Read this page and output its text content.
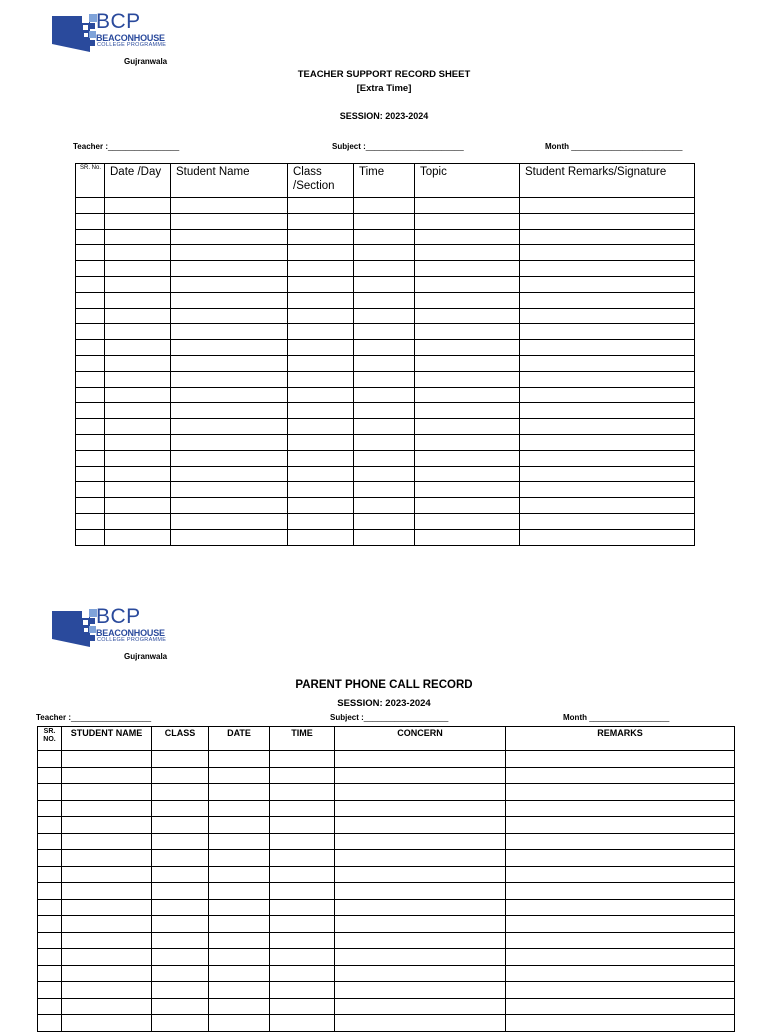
BCP
BEACONHOUSE
COLLEGE PROGRAMME
Gujranwala
TEACHER SUPPORT RECORD SHEET
[Extra Time]
SESSION: 2023-2024
Teacher :________________	Subject :______________________	Month _________________________
SR. No.	Date /Day	Student Name	Class /Section	Time	Topic	Student Remarks/Signature

BCP
BEACONHOUSE
COLLEGE PROGRAMME
Gujranwala
PARENT PHONE CALL RECORD
SESSION: 2023-2024
Teacher :__________________	Subject :___________________	Month __________________
SR. NO.	STUDENT NAME	CLASS	DATE	TIME	CONCERN	REMARKS
